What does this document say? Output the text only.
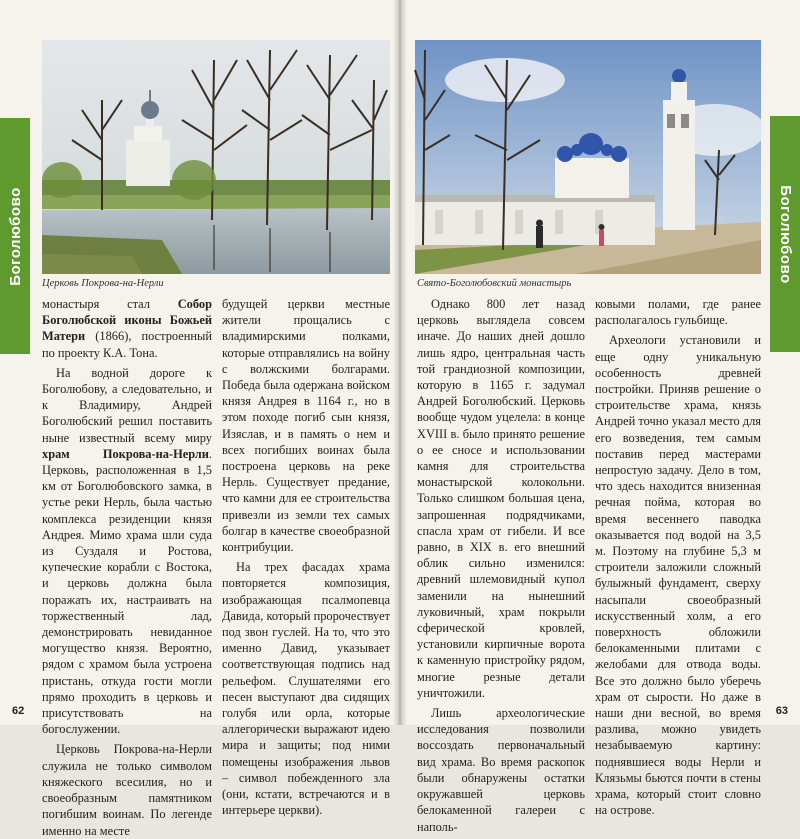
Боголюбово Церковь Покрова-на-Нерли

монастыря стал Собор Боголюбской иконы Божьей Матери (1866), построенный по проекту К.А. Тона.

На водной дороге к Боголюбову, а следовательно, и к Владимиру, Андрей Боголюбский решил поставить ныне известный всему миру храм Покрова-на-Нерли. Церковь, расположенная в 1,5 км от Боголюбовского замка, в устье реки Нерль, была частью комплекса резиденции князя Андрея. Мимо храма шли суда из Суздаля и Ростова, купеческие корабли с Востока, и церковь должна была поражать их, настраивать на торжественный лад, демонстрировать невиданное могущество князя. Вероятно, рядом с храмом была устроена пристань, откуда гости могли прямо проходить в церковь и присутствовать на богослужении.

Церковь Покрова-на-Нерли служила не только символом княжеского всесилия, но и своеобразным памятником погибшим воинам. По легенде именно на месте

будущей церкви местные жители прощались с владимирскими полками, которые отправлялись на войну с волжскими болгарами. Победа была одержана войском князя Андрея в 1164 г., но в этом походе погиб сын князя, Изяслав, и в память о нем и всех погибших воинах была построена церковь на реке Нерль. Существует предание, что камни для ее строительства привезли из земли тех самых болгар в качестве своеобразной контрибуции.

На трех фасадах храма повторяется композиция, изображающая псалмопевца Давида, который пророчествует под звон гуслей. На то, что это именно Давид, указывает соответствующая подпись над рельефом. Слушателями его песен выступают два сидящих голубя или орла, которые аллегорически выражают идею мира и защиты; под ними помещены изображения львов – символ побежденного зла (они, кстати, встречаются и в интерьере церкви).

62
Боголюбово
Свято-Боголюбовский монастырь

Однако 800 лет назад церковь выглядела совсем иначе. До наших дней дошло лишь ядро, центральная часть той грандиозной композиции, которую в 1165 г. задумал Андрей Боголюбский. Церковь вообще чудом уцелела: в конце XVIII в. было принято решение о ее сносе и использовании камня для строительства монастырской колокольни. Только слишком большая цена, запрошенная подрядчиками, спасла храм от гибели. И все равно, в XIX в. его внешний облик сильно изменился: древний шлемовидный купол заменили на нынешний луковичный, храм покрыли сферической кровлей, установили кирпичные ворота к каменную пристройку рядом, многие резные детали уничтожили.

Лишь археологические исследования позволили воссоздать первоначальный вид храма. Во время раскопок были обнаружены остатки окружавшей церковь белокаменной галереи с наполь-

ковыми полами, где ранее располагалось гульбище.

Археологи установили и еще одну уникальную особенность древней постройки. Приняв решение о строительстве храма, князь Андрей точно указал место для его возведения, тем самым поставив перед мастерами непростую задачу. Дело в том, что здесь находится внизенная речная пойма, которая во время весеннего паводка оказывается под водой на 3,5 м. Поэтому на глубине 5,3 м строители заложили сложный булыжный фундамент, сверху насыпали своеобразный искусственный холм, а его поверхность обложили белокаменными плитами с желобами для отвода воды. Все это должно было уберечь храм от сырости. Но даже в наши дни весной, во время разлива, можно увидеть незабываемую картину: поднявшиеся воды Нерли и Клязьмы бьются почти в стены храма, который стоит словно на острове.

63
